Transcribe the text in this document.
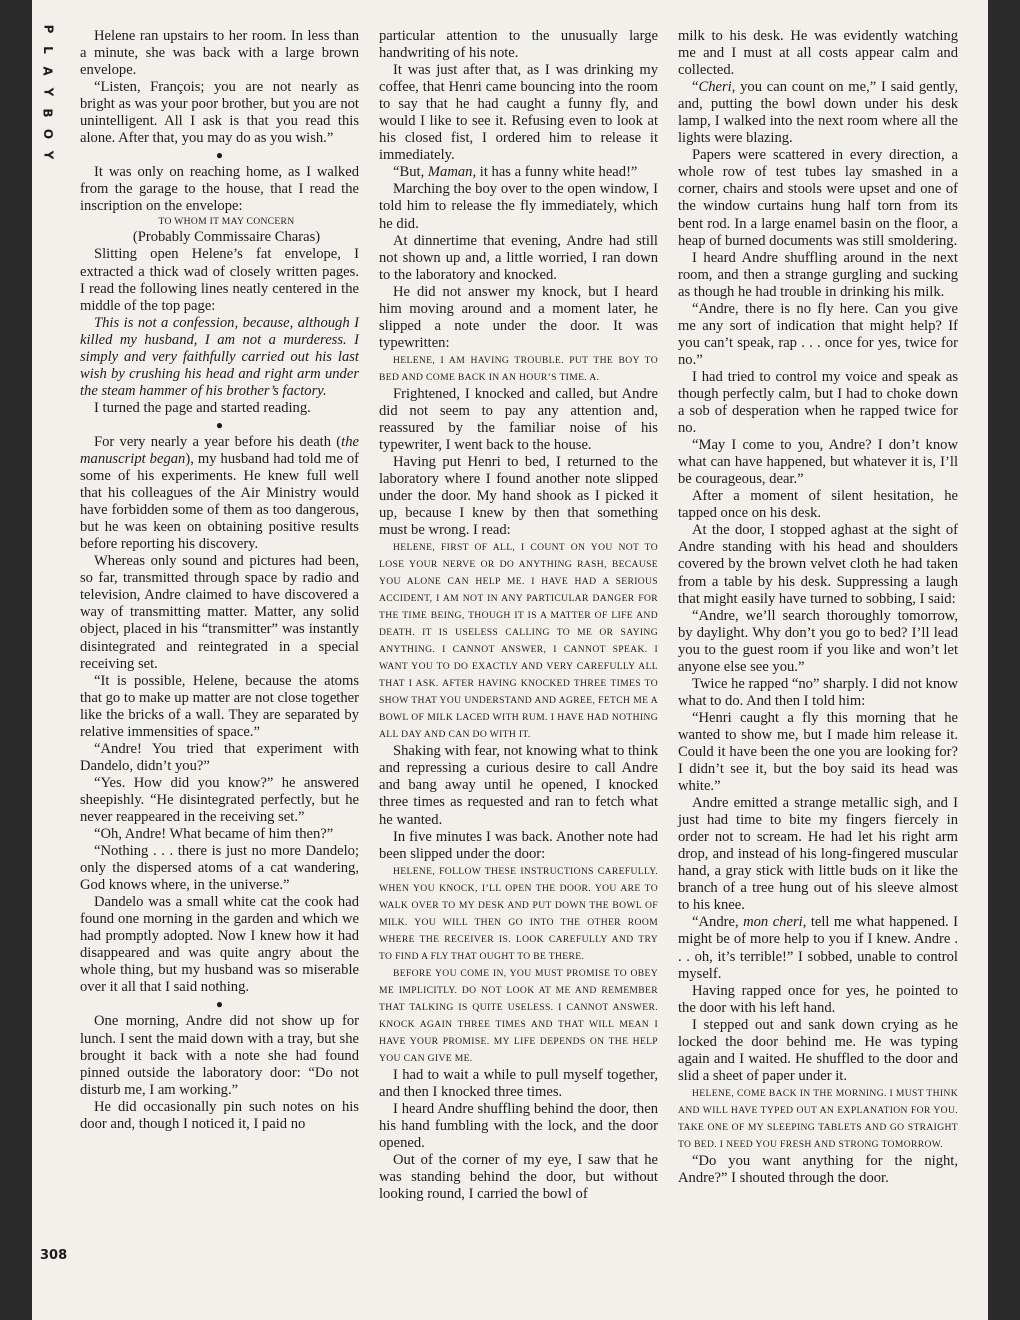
P
L
A
Y
B
O
Y
308

Helene ran upstairs to her room. In less than a minute, she was back with a large brown envelope.

“Listen, François; you are not nearly as bright as was your poor brother, but you are not unintelligent. All I ask is that you read this alone. After that, you may do as you wish.”

●

It was only on reaching home, as I walked from the garage to the house, that I read the inscription on the envelope:

TO WHOM IT MAY CONCERN

(Probably Commissaire Charas)

Slitting open Helene’s fat envelope, I extracted a thick wad of closely written pages. I read the following lines neatly centered in the middle of the top page:

This is not a confession, because, although I killed my husband, I am not a murderess. I simply and very faithfully carried out his last wish by crushing his head and right arm under the steam hammer of his brother’s factory.

I turned the page and started reading.

●

For very nearly a year before his death (the manuscript began), my husband had told me of some of his experiments. He knew full well that his colleagues of the Air Ministry would have forbidden some of them as too dangerous, but he was keen on obtaining positive results before reporting his discovery.

Whereas only sound and pictures had been, so far, transmitted through space by radio and television, Andre claimed to have discovered a way of transmitting matter. Matter, any solid object, placed in his “transmitter” was instantly disintegrated and reintegrated in a special receiving set.

“It is possible, Helene, because the atoms that go to make up matter are not close together like the bricks of a wall. They are separated by relative immensities of space.”

“Andre! You tried that experiment with Dandelo, didn’t you?”

“Yes. How did you know?” he answered sheepishly. “He disintegrated perfectly, but he never reappeared in the receiving set.”

“Oh, Andre! What became of him then?”

“Nothing . . . there is just no more Dandelo; only the dispersed atoms of a cat wandering, God knows where, in the universe.”

Dandelo was a small white cat the cook had found one morning in the garden and which we had promptly adopted. Now I knew how it had disappeared and was quite angry about the whole thing, but my husband was so miserable over it all that I said nothing.

●

One morning, Andre did not show up for lunch. I sent the maid down with a tray, but she brought it back with a note she had found pinned outside the laboratory door: “Do not disturb me, I am working.”

He did occasionally pin such notes on his door and, though I noticed it, I paid no

particular attention to the unusually large handwriting of his note.

It was just after that, as I was drinking my coffee, that Henri came bouncing into the room to say that he had caught a funny fly, and would I like to see it. Refusing even to look at his closed fist, I ordered him to release it immediately.

“But, Maman, it has a funny white head!”

Marching the boy over to the open window, I told him to release the fly immediately, which he did.

At dinnertime that evening, Andre had still not shown up and, a little worried, I ran down to the laboratory and knocked.

He did not answer my knock, but I heard him moving around and a moment later, he slipped a note under the door. It was typewritten:

HELENE, I AM HAVING TROUBLE. PUT THE BOY TO BED AND COME BACK IN AN HOUR’S TIME. A.

Frightened, I knocked and called, but Andre did not seem to pay any attention and, reassured by the familiar noise of his typewriter, I went back to the house.

Having put Henri to bed, I returned to the laboratory where I found another note slipped under the door. My hand shook as I picked it up, because I knew by then that something must be wrong. I read:

HELENE, FIRST OF ALL, I COUNT ON YOU NOT TO LOSE YOUR NERVE OR DO ANYTHING RASH, BECAUSE YOU ALONE CAN HELP ME. I HAVE HAD A SERIOUS ACCIDENT, I AM NOT IN ANY PARTICULAR DANGER FOR THE TIME BEING, THOUGH IT IS A MATTER OF LIFE AND DEATH. IT IS USELESS CALLING TO ME OR SAYING ANYTHING. I CANNOT ANSWER, I CANNOT SPEAK. I WANT YOU TO DO EXACTLY AND VERY CAREFULLY ALL THAT I ASK. AFTER HAVING KNOCKED THREE TIMES TO SHOW THAT YOU UNDERSTAND AND AGREE, FETCH ME A BOWL OF MILK LACED WITH RUM. I HAVE HAD NOTHING ALL DAY AND CAN DO WITH IT.

Shaking with fear, not knowing what to think and repressing a curious desire to call Andre and bang away until he opened, I knocked three times as requested and ran to fetch what he wanted.

In five minutes I was back. Another note had been slipped under the door:

HELENE, FOLLOW THESE INSTRUCTIONS CAREFULLY. WHEN YOU KNOCK, I’LL OPEN THE DOOR. YOU ARE TO WALK OVER TO MY DESK AND PUT DOWN THE BOWL OF MILK. YOU WILL THEN GO INTO THE OTHER ROOM WHERE THE RECEIVER IS. LOOK CAREFULLY AND TRY TO FIND A FLY THAT OUGHT TO BE THERE.

BEFORE YOU COME IN, YOU MUST PROMISE TO OBEY ME IMPLICITLY. DO NOT LOOK AT ME AND REMEMBER THAT TALKING IS QUITE USELESS. I CANNOT ANSWER. KNOCK AGAIN THREE TIMES AND THAT WILL MEAN I HAVE YOUR PROMISE. MY LIFE DEPENDS ON THE HELP YOU CAN GIVE ME.

I had to wait a while to pull myself together, and then I knocked three times.

I heard Andre shuffling behind the door, then his hand fumbling with the lock, and the door opened.

Out of the corner of my eye, I saw that he was standing behind the door, but without looking round, I carried the bowl of

milk to his desk. He was evidently watching me and I must at all costs appear calm and collected.

“Cheri, you can count on me,” I said gently, and, putting the bowl down under his desk lamp, I walked into the next room where all the lights were blazing.

Papers were scattered in every direction, a whole row of test tubes lay smashed in a corner, chairs and stools were upset and one of the window curtains hung half torn from its bent rod. In a large enamel basin on the floor, a heap of burned documents was still smoldering.

I heard Andre shuffling around in the next room, and then a strange gurgling and sucking as though he had trouble in drinking his milk.

“Andre, there is no fly here. Can you give me any sort of indication that might help? If you can’t speak, rap . . . once for yes, twice for no.”

I had tried to control my voice and speak as though perfectly calm, but I had to choke down a sob of desperation when he rapped twice for no.

“May I come to you, Andre? I don’t know what can have happened, but whatever it is, I’ll be courageous, dear.”

After a moment of silent hesitation, he tapped once on his desk.

At the door, I stopped aghast at the sight of Andre standing with his head and shoulders covered by the brown velvet cloth he had taken from a table by his desk. Suppressing a laugh that might easily have turned to sobbing, I said:

“Andre, we’ll search thoroughly tomorrow, by daylight. Why don’t you go to bed? I’ll lead you to the guest room if you like and won’t let anyone else see you.”

Twice he rapped “no” sharply. I did not know what to do. And then I told him:

“Henri caught a fly this morning that he wanted to show me, but I made him release it. Could it have been the one you are looking for? I didn’t see it, but the boy said its head was white.”

Andre emitted a strange metallic sigh, and I just had time to bite my fingers fiercely in order not to scream. He had let his right arm drop, and instead of his long-fingered muscular hand, a gray stick with little buds on it like the branch of a tree hung out of his sleeve almost to his knee.

“Andre, mon cheri, tell me what happened. I might be of more help to you if I knew. Andre . . . oh, it’s terrible!” I sobbed, unable to control myself.

Having rapped once for yes, he pointed to the door with his left hand.

I stepped out and sank down crying as he locked the door behind me. He was typing again and I waited. He shuffled to the door and slid a sheet of paper under it.

HELENE, COME BACK IN THE MORNING. I MUST THINK AND WILL HAVE TYPED OUT AN EXPLANATION FOR YOU. TAKE ONE OF MY SLEEPING TABLETS AND GO STRAIGHT TO BED. I NEED YOU FRESH AND STRONG TOMORROW.

“Do you want anything for the night, Andre?” I shouted through the door.
